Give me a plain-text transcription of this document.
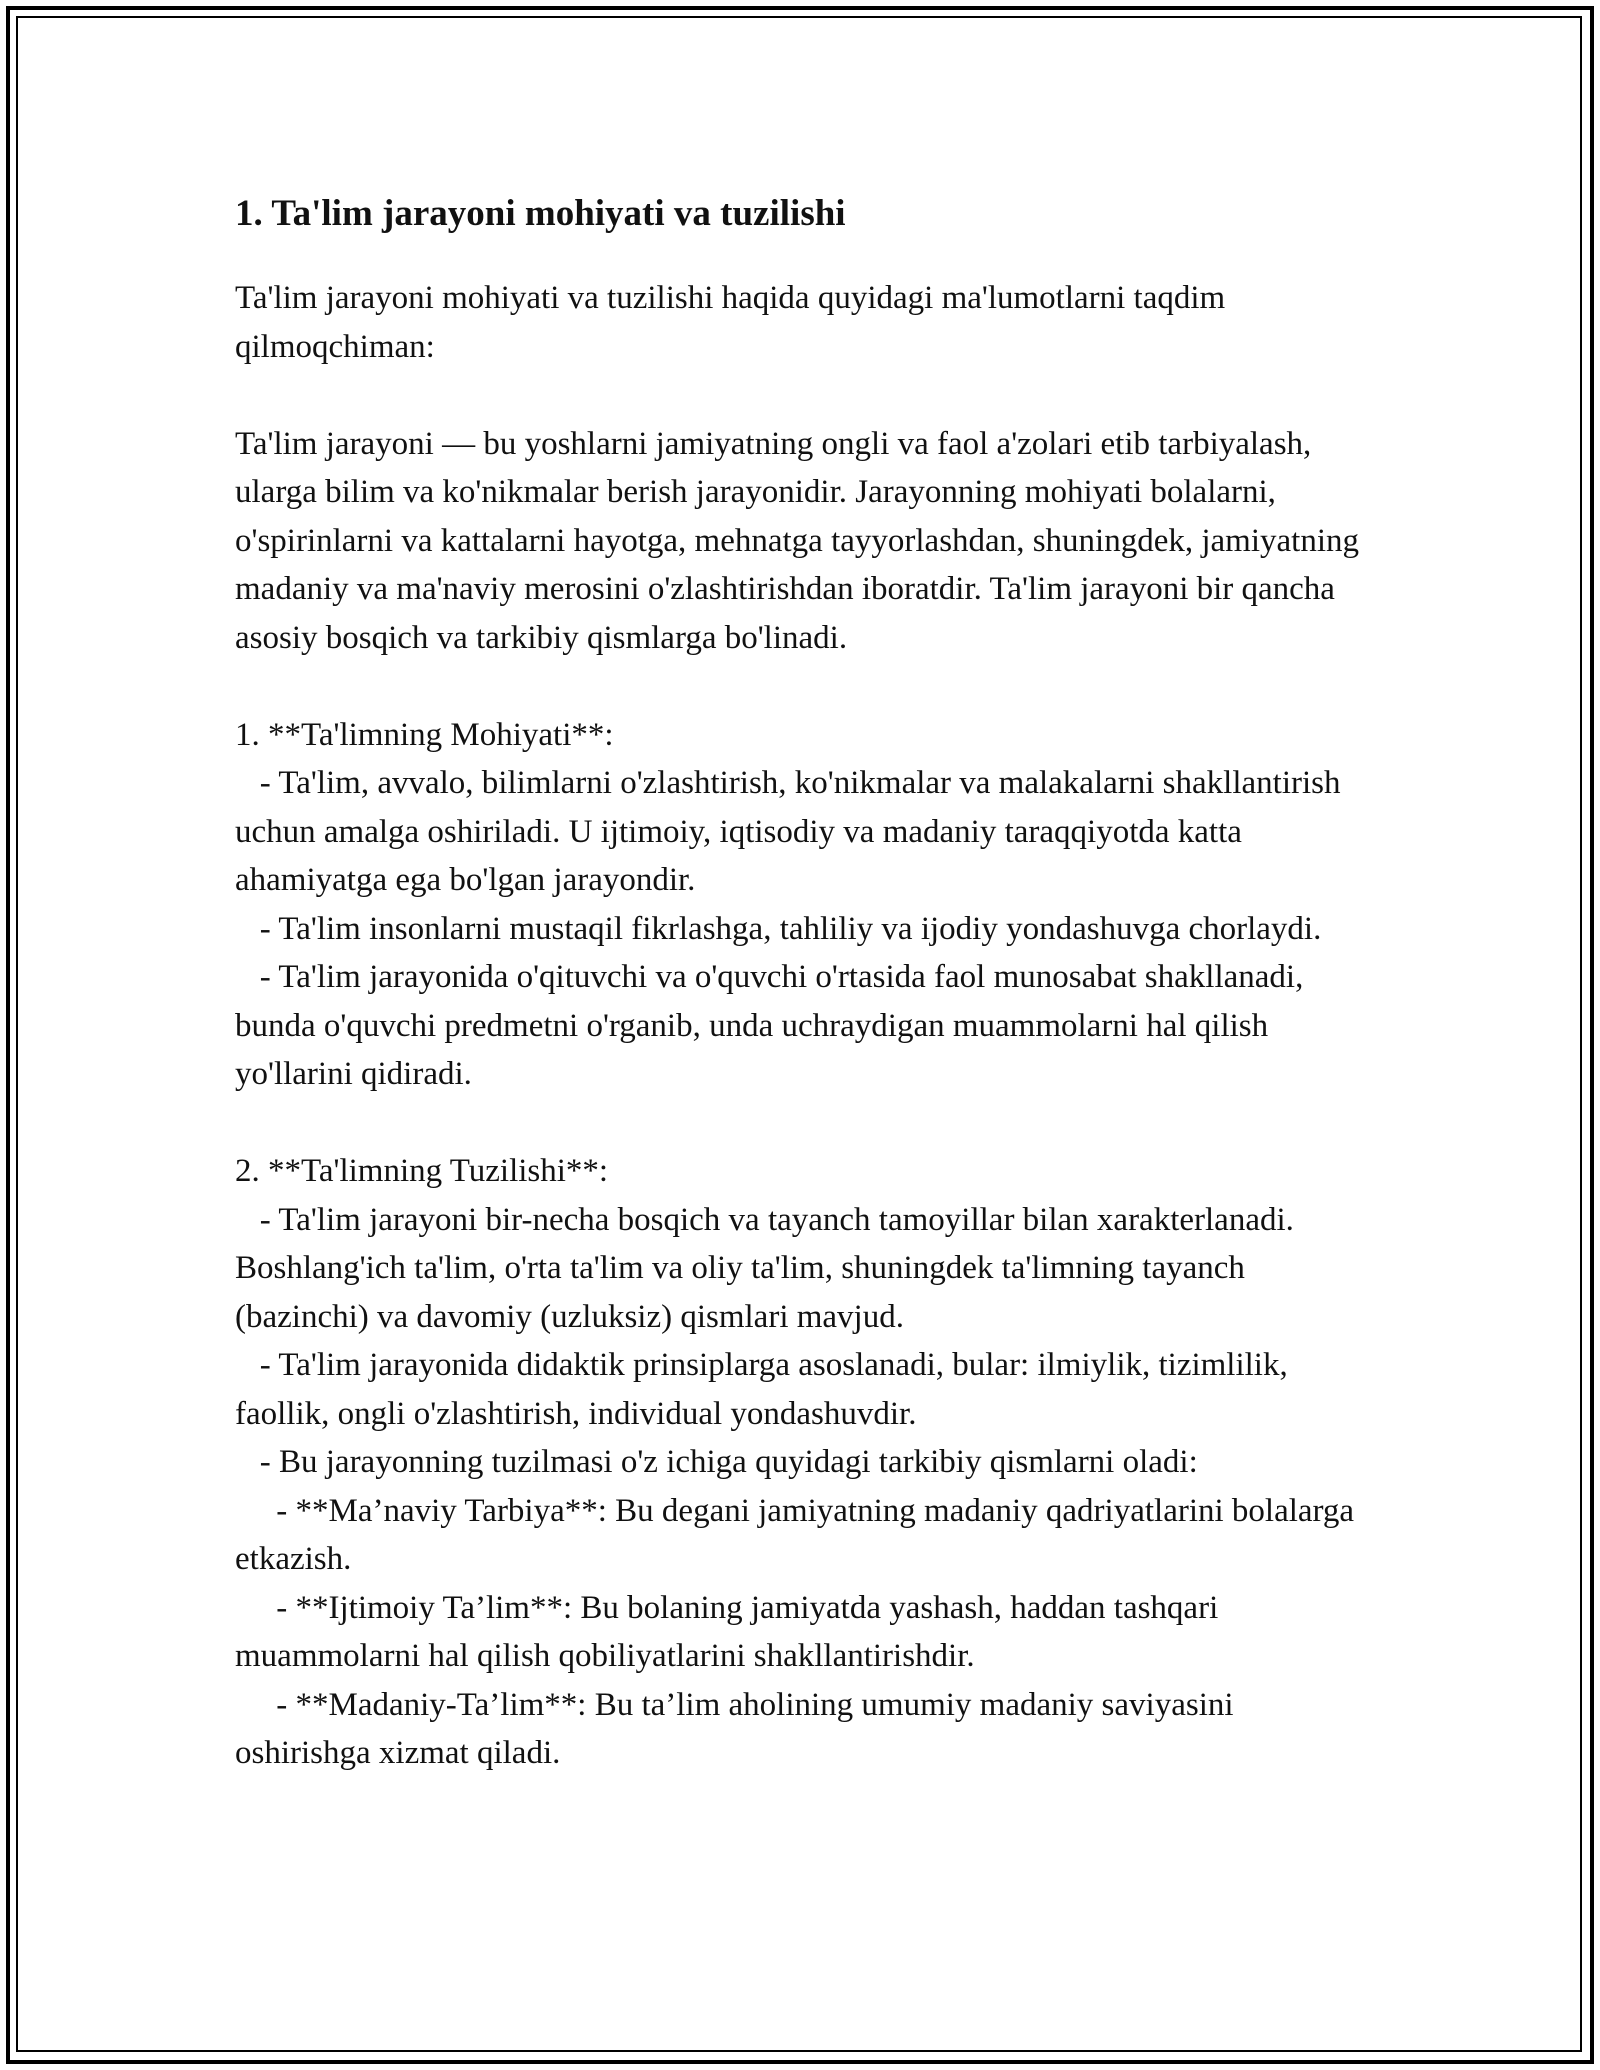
1. Ta'lim jarayoni mohiyati va tuzilishi

Ta'lim jarayoni mohiyati va tuzilishi haqida quyidagi ma'lumotlarni taqdim qilmoqchiman:

Ta'lim jarayoni — bu yoshlarni jamiyatning ongli va faol a'zolari etib tarbiyalash, ularga bilim va ko'nikmalar berish jarayonidir. Jarayonning mohiyati bolalarni, o'spirinlarni va kattalarni hayotga, mehnatga tayyorlashdan, shuningdek, jamiyatning madaniy va ma'naviy merosini o'zlashtirishdan iboratdir. Ta'lim jarayoni bir qancha asosiy bosqich va tarkibiy qismlarga bo'linadi.

1. **Ta'limning Mohiyati**:

- Ta'lim, avvalo, bilimlarni o'zlashtirish, ko'nikmalar va malakalarni shakllantirish uchun amalga oshiriladi. U ijtimoiy, iqtisodiy va madaniy taraqqiyotda katta ahamiyatga ega bo'lgan jarayondir.

- Ta'lim insonlarni mustaqil fikrlashga, tahliliy va ijodiy yondashuvga chorlaydi.

- Ta'lim jarayonida o'qituvchi va o'quvchi o'rtasida faol munosabat shakllanadi, bunda o'quvchi predmetni o'rganib, unda uchraydigan muammolarni hal qilish yo'llarini qidiradi.

2. **Ta'limning Tuzilishi**:

- Ta'lim jarayoni bir-necha bosqich va tayanch tamoyillar bilan xarakterlanadi. Boshlang'ich ta'lim, o'rta ta'lim va oliy ta'lim, shuningdek ta'limning tayanch (bazinchi) va davomiy (uzluksiz) qismlari mavjud.

- Ta'lim jarayonida didaktik prinsiplarga asoslanadi, bular: ilmiylik, tizimlilik, faollik, ongli o'zlashtirish, individual yondashuvdir.

- Bu jarayonning tuzilmasi o'z ichiga quyidagi tarkibiy qismlarni oladi:

- **Ma’naviy Tarbiya**: Bu degani jamiyatning madaniy qadriyatlarini bolalarga etkazish.

- **Ijtimoiy Ta’lim**: Bu bolaning jamiyatda yashash, haddan tashqari muammolarni hal qilish qobiliyatlarini shakllantirishdir.

- **Madaniy-Ta’lim**: Bu ta’lim aholining umumiy madaniy saviyasini oshirishga xizmat qiladi.
